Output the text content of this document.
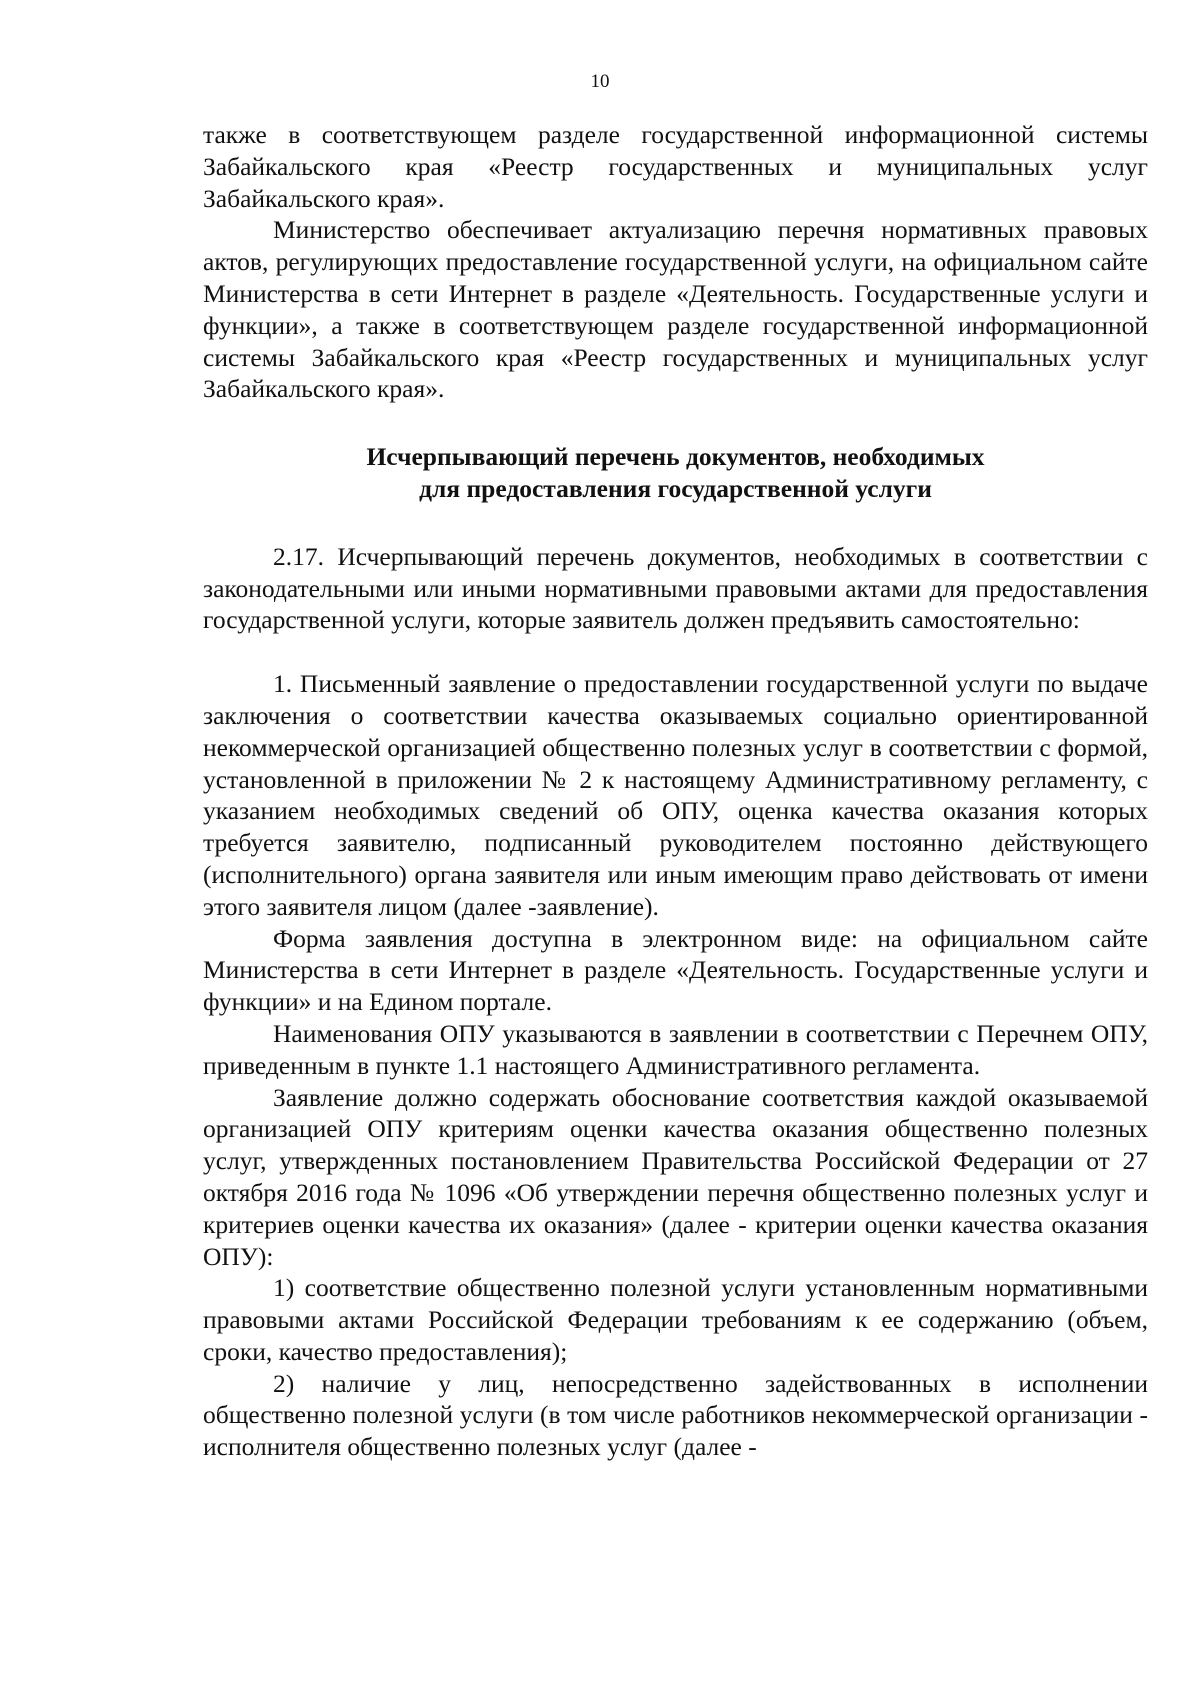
10

также в соответствующем разделе государственной информационной системы Забайкальского края «Реестр государственных и муниципальных услуг Забайкальского края».

Министерство обеспечивает актуализацию перечня нормативных правовых актов, регулирующих предоставление государственной услуги, на официальном сайте Министерства в сети Интернет в разделе «Деятельность. Государственные услуги и функции», а также в соответствующем разделе государственной информационной системы Забайкальского края «Реестр государственных и муниципальных услуг Забайкальского края».

Исчерпывающий перечень документов, необходимых
для предоставления государственной услуги

2.17. Исчерпывающий перечень документов, необходимых в соответствии с законодательными или иными нормативными правовыми актами для предоставления государственной услуги, которые заявитель должен предъявить самостоятельно:

1. Письменный заявление о предоставлении государственной услуги по выдаче заключения о соответствии качества оказываемых социально ориентированной некоммерческой организацией общественно полезных услуг в соответствии с формой, установленной в приложении № 2 к настоящему Административному регламенту, с указанием необходимых сведений об ОПУ, оценка качества оказания которых требуется заявителю, подписанный руководителем постоянно действующего (исполнительного) органа заявителя или иным имеющим право действовать от имени этого заявителя лицом (далее -заявление).

Форма заявления доступна в электронном виде: на официальном сайте Министерства в сети Интернет в разделе «Деятельность. Государственные услуги и функции» и на Едином портале.

Наименования ОПУ указываются в заявлении в соответствии с Перечнем ОПУ, приведенным в пункте 1.1 настоящего Административного регламента.

Заявление должно содержать обоснование соответствия каждой оказываемой организацией ОПУ критериям оценки качества оказания общественно полезных услуг, утвержденных постановлением Правительства Российской Федерации от 27 октября 2016 года № 1096 «Об утверждении перечня общественно полезных услуг и критериев оценки качества их оказания» (далее - критерии оценки качества оказания ОПУ):

1) соответствие общественно полезной услуги установленным нормативными правовыми актами Российской Федерации требованиям к ее содержанию (объем, сроки, качество предоставления);

2) наличие у лиц, непосредственно задействованных в исполнении общественно полезной услуги (в том числе работников некоммерческой организации - исполнителя общественно полезных услуг (далее -
